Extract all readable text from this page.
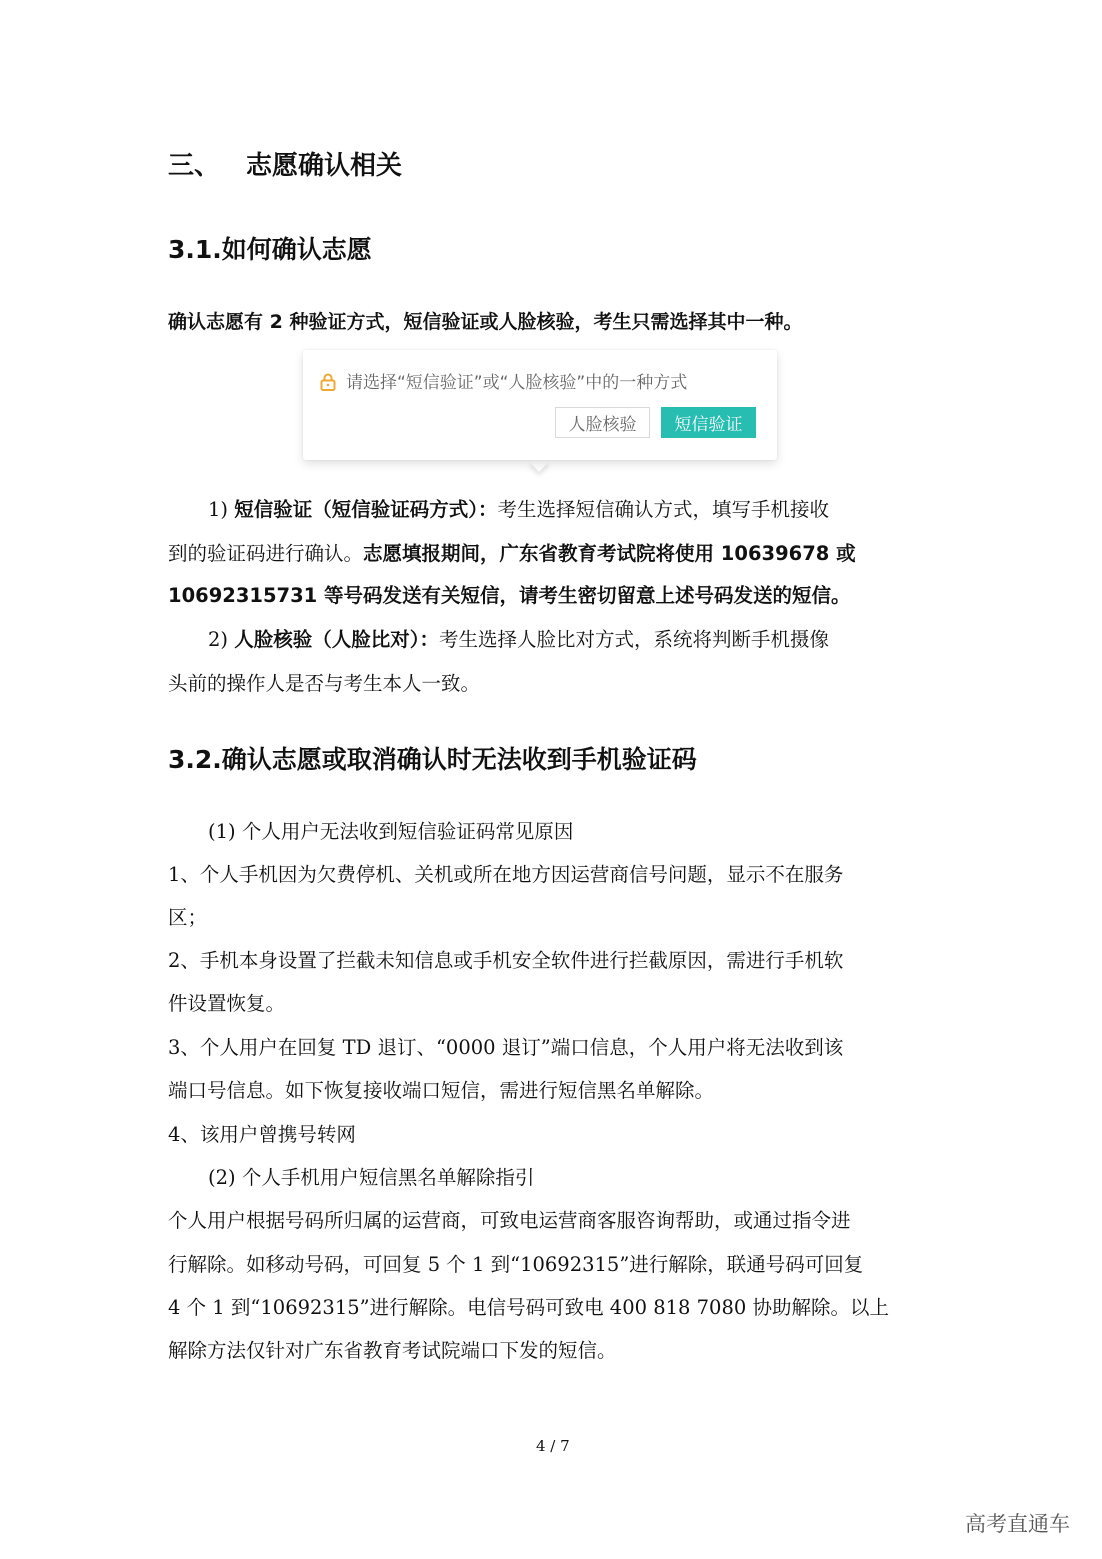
三、 志愿确认相关
3.1.如何确认志愿
确认志愿有 2 种验证方式，短信验证或人脸核验，考生只需选择其中一种。
请选择“短信验证”或“人脸核验”中的一种方式
人脸核验	短信验证
1) 短信验证（短信验证码方式）：考生选择短信确认方式，填写手机接收
到的验证码进行确认。志愿填报期间，广东省教育考试院将使用 10639678 或
10692315731 等号码发送有关短信，请考生密切留意上述号码发送的短信。
2) 人脸核验（人脸比对）：考生选择人脸比对方式，系统将判断手机摄像
头前的操作人是否与考生本人一致。
3.2.确认志愿或取消确认时无法收到手机验证码
(1) 个人用户无法收到短信验证码常见原因
1、个人手机因为欠费停机、关机或所在地方因运营商信号问题，显示不在服务
区；
2、手机本身设置了拦截未知信息或手机安全软件进行拦截原因，需进行手机软
件设置恢复。
3、个人用户在回复 TD 退订、“0000 退订”端口信息，个人用户将无法收到该
端口号信息。如下恢复接收端口短信，需进行短信黑名单解除。
4、该用户曾携号转网
(2) 个人手机用户短信黑名单解除指引
个人用户根据号码所归属的运营商，可致电运营商客服咨询帮助，或通过指令进
行解除。如移动号码，可回复 5 个 1 到“10692315”进行解除，联通号码可回复
4 个 1 到“10692315”进行解除。电信号码可致电 400 818 7080 协助解除。以上
解除方法仅针对广东省教育考试院端口下发的短信。
4 / 7
高考直通车
